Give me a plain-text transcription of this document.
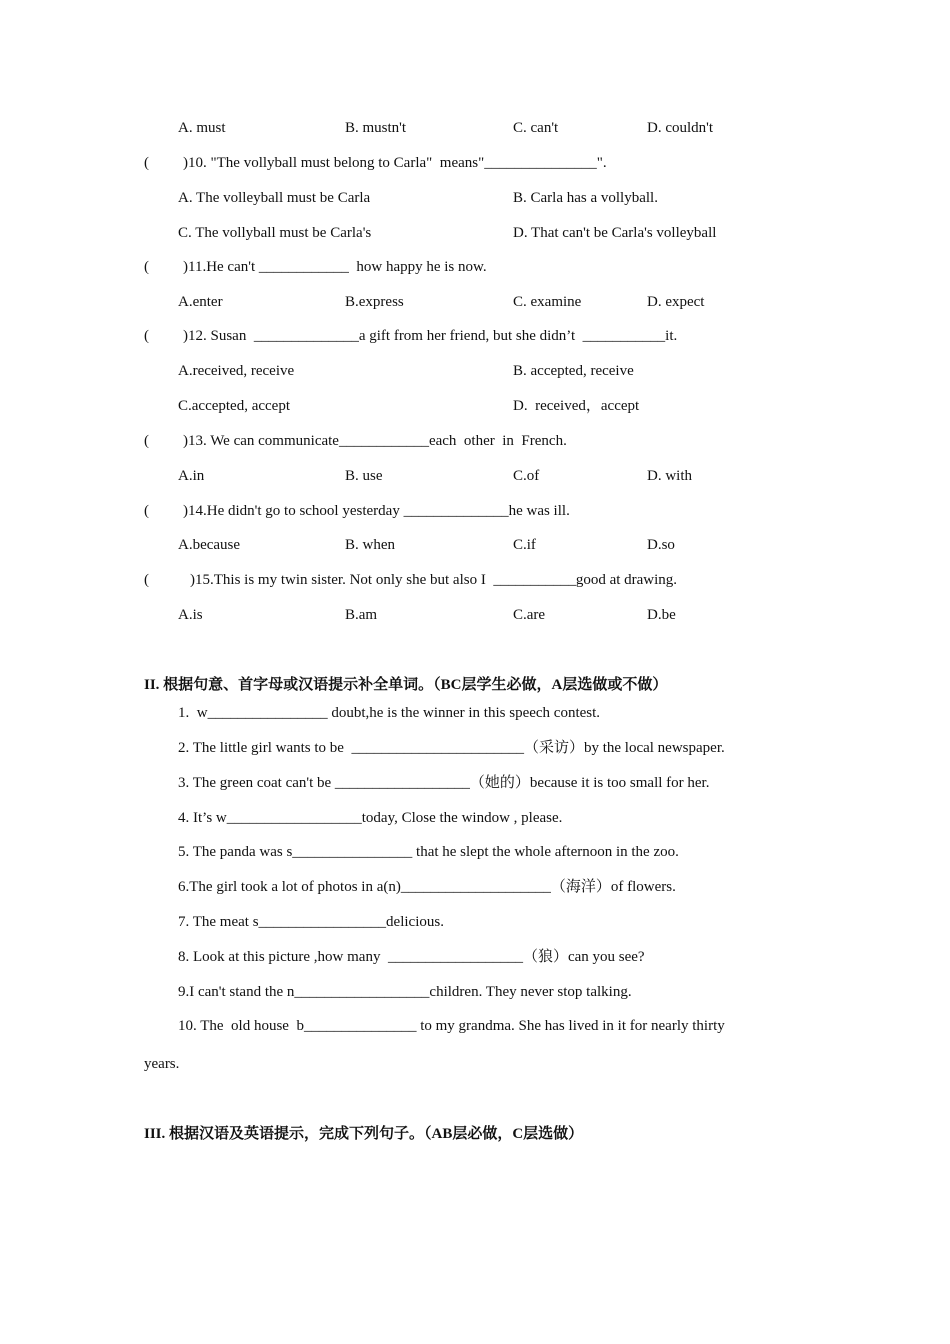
A. must	B. mustn't	C. can't	D. couldn't
( )10. "The vollyball must belong to Carla"  means"_______________".
A. The volleyball must be Carla	B. Carla has a vollyball.
C. The vollyball must be Carla's	D. That can't be Carla's volleyball
( )11.He can't ____________  how happy he is now.
A.enter	B.express	C. examine	D. expect
( )12. Susan  ______________a gift from her friend, but she didn’t  ___________it.
A.received, receive	B. accepted, receive
C.accepted, accept	D.  received，accept
( )13. We can communicate____________each  other  in  French.
A.in	B. use	C.of	D. with
( )14.He didn't go to school yesterday ______________he was ill.
A.because	B. when	C.if	D.so
(	)15.This is my twin sister. Not only she but also I  ___________good at drawing.
A.is	B.am	C.are	D.be
II. 根据句意、首字母或汉语提示补全单词。（BC层学生必做，A层选做或不做）
1.  w________________ doubt,he is the winner in this speech contest.
2. The little girl wants to be  _______________________（采访）by the local newspaper.
3. The green coat can't be __________________（她的）because it is too small for her.
4. It’s w__________________today, Close the window , please.
5. The panda was s________________ that he slept the whole afternoon in the zoo.
6.The girl took a lot of photos in a(n)____________________（海洋）of flowers.
7. The meat s_________________delicious.
8. Look at this picture ,how many  __________________（狼）can you see?
9.I can't stand the n__________________children. They never stop talking.
10. The  old house  b_______________ to my grandma. She has lived in it for nearly thirty
years.
III. 根据汉语及英语提示，完成下列句子。（AB层必做，C层选做）
